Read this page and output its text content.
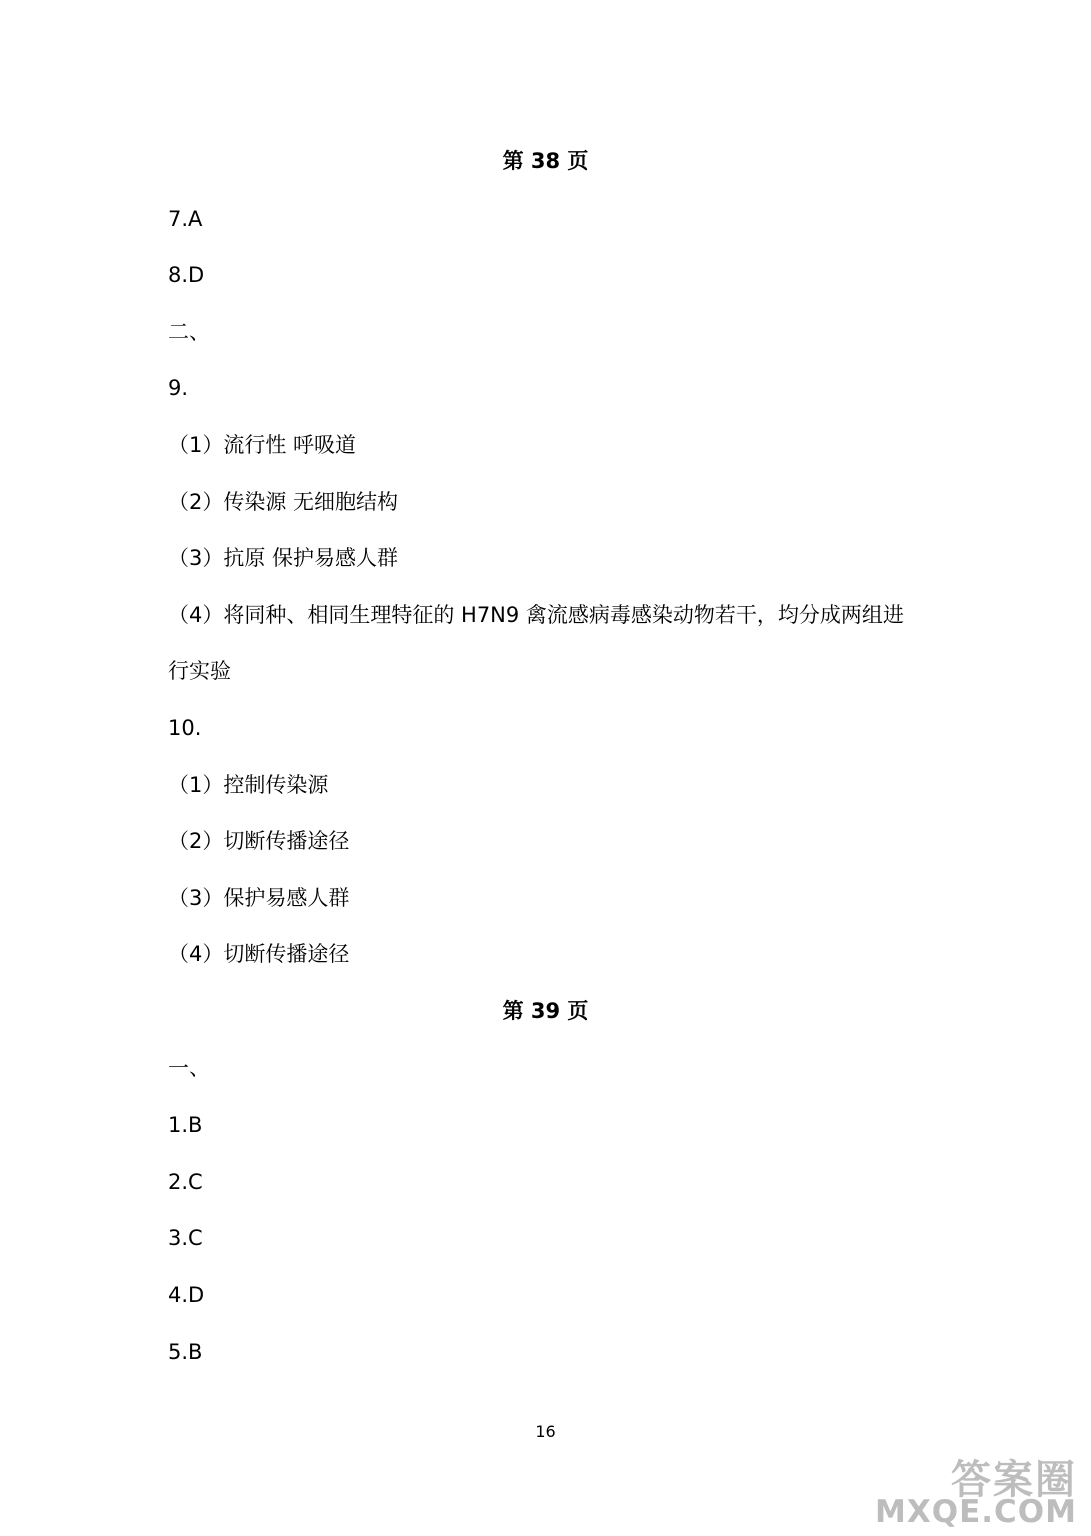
第 38 页
7.A
8.D
二、
9.
（1）流行性 呼吸道
（2）传染源 无细胞结构
（3）抗原 保护易感人群
（4）将同种、相同生理特征的 H7N9 禽流感病毒感染动物若干，均分成两组进
行实验
10.
（1）控制传染源
（2）切断传播途径
（3）保护易感人群
（4）切断传播途径
第 39 页
一、
1.B
2.C
3.C
4.D
5.B
16
答案圈
MXQE.COM
